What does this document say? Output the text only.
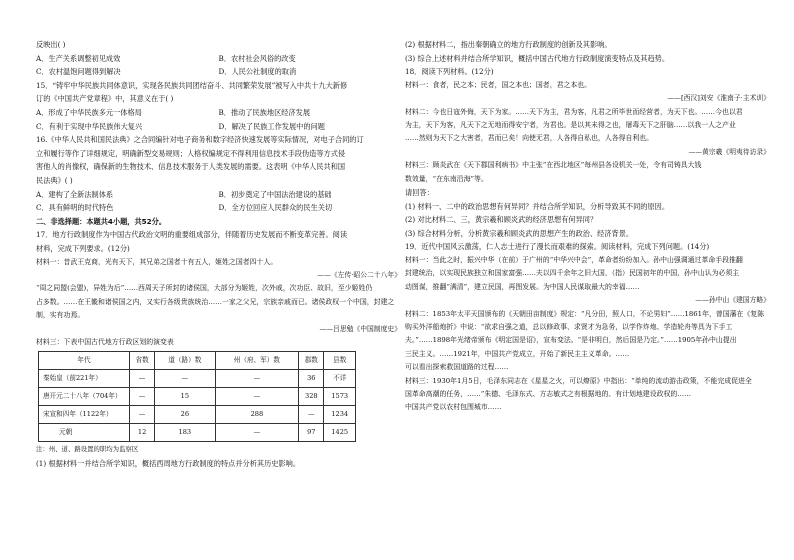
反映出( )
A．生产关系调整初见成效	B．农村社会风俗的改变
C．农村温饱问题得到解决	D．人民公社制度的取消
15．“铸牢中华民族共同体意识，实现各民族共同团结奋斗、共同繁荣发展”被写入中共十九大新修
订的《中国共产党章程》中，其意义在于( )
A．形成了中华民族多元一体格局	B．推动了民族地区经济发展
C．有利于实现中华民族伟大复兴	D．解决了民族工作发展中的问题
16.《中华人民共和国民法典》之合同编针对电子商务和数字经济快速发展等实际情况，对电子合同的订
立和履行等作了详细规定，明确新型交易规则；人格权编规定不得利用信息技术手段伪造等方式侵
害他人的肖像权，确保新的生物技术、信息技术服务于人类发展的需要。这表明《中华人民共和国
民法典》( )
A．建构了全新法制体系	B．初步奠定了中国法治建设的基础
C．具有鲜明的时代特色	D．全方位回应人民群众的民生关切
二、非选择题：本题共4小题，共52分。
17．地方行政制度作为中国古代政治文明的重要组成部分，伴随着历史发展而不断变革完善。阅读
材料，完成下列要求。(12分)
材料一：昔武王克商，光有天下，其兄弟之国者十有五人，姬姓之国者四十人。
——《左传·昭公二十八年》
“周之同盟(会盟)，异姓为后”……西周天子所封的诸侯国，大部分为姬姓，次外戚，次功臣、故旧，至少姬姓仍
占多数。……在王畿和诸侯国之内，又实行各级贵族统治……一家之父兄，宗族亲戚而已。诸侯政权一个中国，封建之
制，实有功焉。
——吕思勉《中国制度史》
材料三：下表中国古代地方行政区划的演变表
年代	省数	道（路）数	州（府、军）数	郡数	县数
秦始皇（前221年）	—	—	—	36	不详
唐开元二十八年（704年）	—	15	—	328	1573
宋宣和四年（1122年）	—	26	288	—	1234
元朝	12	183	—	97	1425
注：州、道、路设置的职均为监察区
(1) 根据材料一并结合所学知识，概括西周地方行政制度的特点并分析其历史影响。
(2) 根据材料二，指出秦朝确立的地方行政制度的创新及其影响。
(3) 综合上述材料并结合所学知识，概括中国古代地方行政制度演变特点及其趋势。
18．阅读下列材料。(12分)
材料一：食者，民之本；民者，国之本也；国者，君之本也。
——[西汉]刘安《淮南子·主术训》
材料二：今也日寇外侮，天下为家。……天下为主，君为客，凡君之所毕世而经营者，为天下也。……今也以君
为主，天下为客，凡天下之无地而得安宁者，为君也。是以其未得之也，屠毒天下之肝脑……以我一人之产业
……然则为天下之大害者，君而已矣！向使无君，人各得自私也，人各得自利也。
——黄宗羲《明夷待访录》
材料三：顾炎武在《天下郡国利病书》中主张“在西北地区”每州县各设机关一处，令有司铸具大钱
数效量，“在东南沿海”等。
请回答：
(1) 材料一、二中的政治思想有何异同？并结合所学知识，分析导致其不同的原因。
(2) 对比材料二、三，黄宗羲和顾炎武的经济思想有何异同？
(3) 综合材料分析，分析黄宗羲和顾炎武的思想产生的政治、经济背景。
19．近代中国风云激荡，仁人志士进行了漫长而艰难的探索。阅读材料，完成下列问题。(14分)
材料一：当此之时，振兴中华（在前）于广州的“中华兴中会”，革命者纷纷加入。孙中山强调通过革命手段推翻
封建统治，以实现民族独立和国家富强……夫以四千余年之旧大国，（指）民国初年的中国，孙中山认为必须主
动图谋，推翻“满清”，建立民国，再图发展。为中国人民谋取最大的幸福……
——孙中山《建国方略》
材料二：1853年太平天国颁布的《天朝田亩制度》规定：“凡分田，照人口，不论男妇”……1861年，曾国藩在《复陈
购买外洋船炮折》中说：“欲求自强之道，总以修政事、求贤才为急务，以学作炸炮、学造轮舟等具为下手工
夫。”……1898年光绪帝颁布《明定国是诏》，宣布变法。“是非明白，然后国是乃定。”……1905年孙中山提出
三民主义。……1921年，中国共产党成立，开始了新民主主义革命。……
可以看出探索救国道路的过程……
材料三：1930年1月5日，毛泽东同志在《星星之火，可以燎原》中指出：“单纯的流动游击政策，不能完成促进全
国革命高潮的任务，……”朱德、毛泽东式、方志敏式之有根据地的、有计划地建设政权的……
中国共产党以农村包围城市……
